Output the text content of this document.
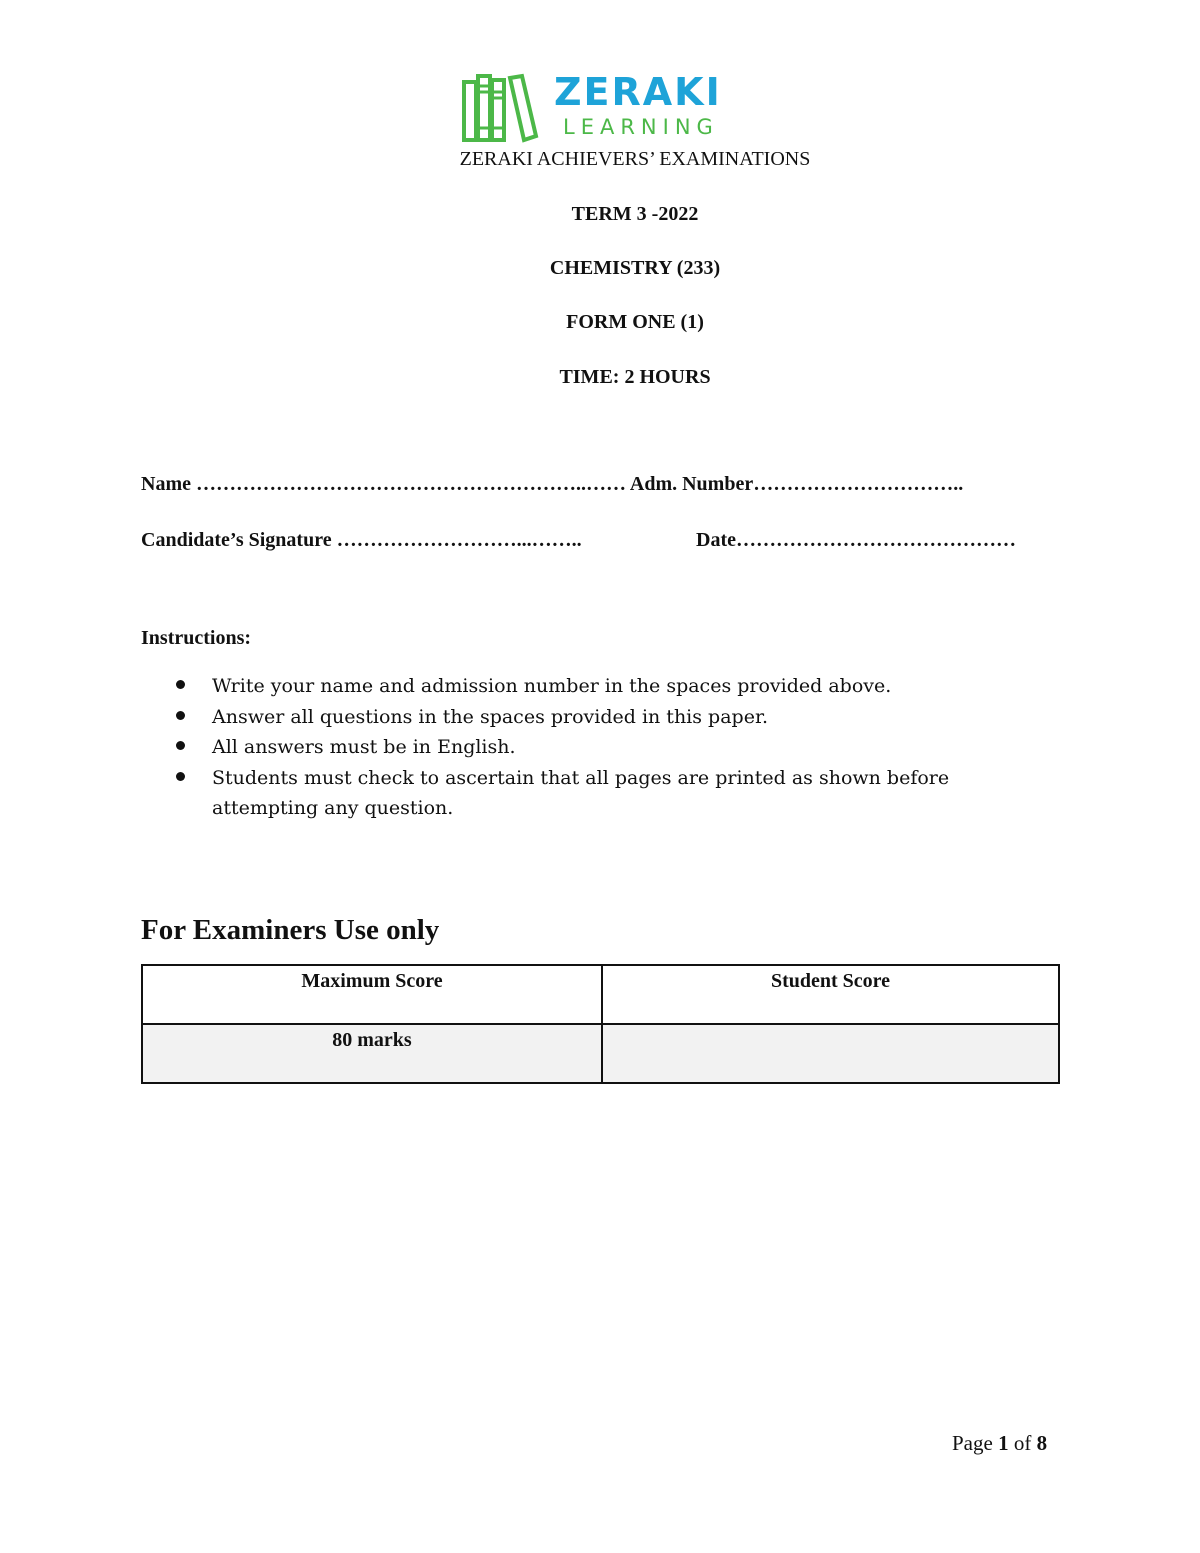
ZERAKI
LEARNING
ZERAKI ACHIEVERS’ EXAMINATIONS
TERM 3 -2022
CHEMISTRY (233)
FORM ONE (1)
TIME: 2 HOURS
Name …………………………………………………..…… Adm. Number…………………………..
Candidate’s Signature ………………………...……..	Date……………………………………
Instructions:
Write your name and admission number in the spaces provided above.
Answer all questions in the spaces provided in this paper.
All answers must be in English.
Students must check to ascertain that all pages are printed as shown before attempting any question.
For Examiners Use only
Maximum Score	Student Score
80 marks	
Page 1 of 8
